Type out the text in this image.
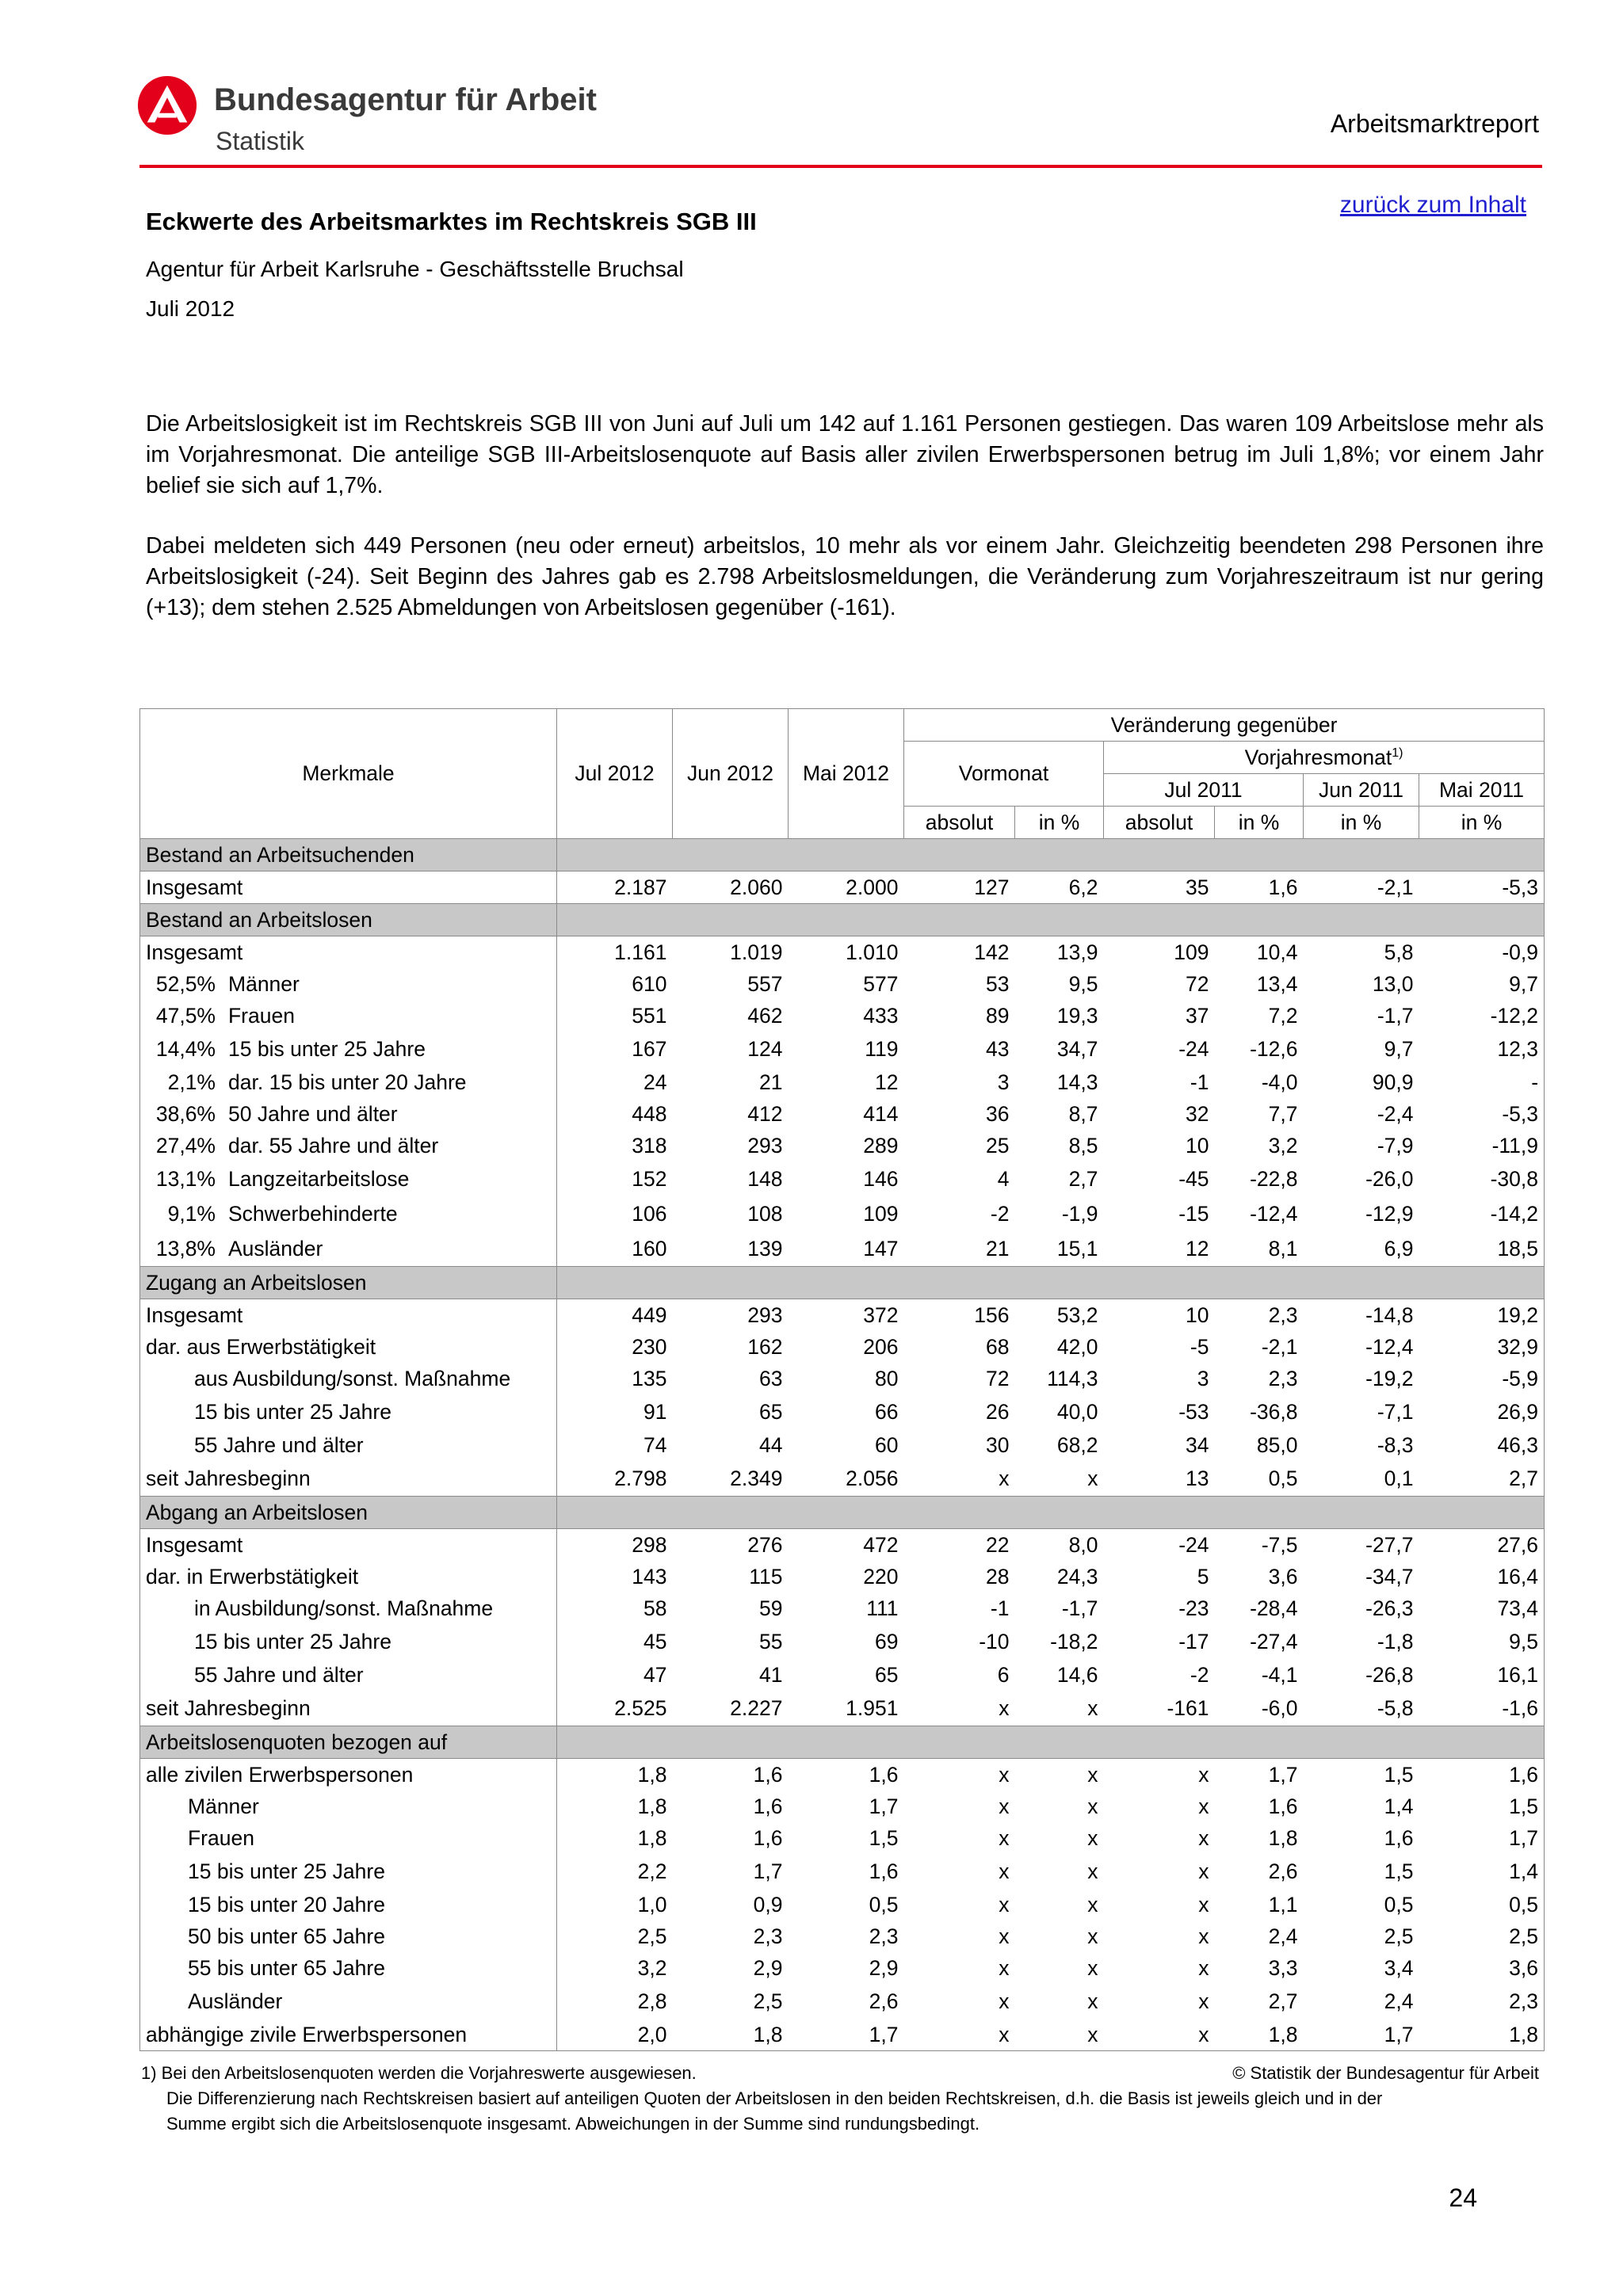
Bundesagentur für Arbeit
Statistik
Arbeitsmarktreport
zurück zum Inhalt
Eckwerte des Arbeitsmarktes im Rechtskreis SGB III
Agentur für Arbeit Karlsruhe - Geschäftsstelle Bruchsal
Juli 2012
Die Arbeitslosigkeit ist im Rechtskreis SGB III von Juni auf Juli um 142 auf 1.161 Personen gestiegen. Das waren 109 Arbeitslose mehr als im Vorjahresmonat. Die anteilige SGB III-Arbeitslosenquote auf Basis aller zivilen Erwerbspersonen betrug im Juli 1,8%; vor einem Jahr belief sie sich auf 1,7%.
Dabei meldeten sich 449 Personen (neu oder erneut) arbeitslos, 10 mehr als vor einem Jahr. Gleichzeitig beendeten 298 Personen ihre Arbeitslosigkeit (-24). Seit Beginn des Jahres gab es 2.798 Arbeitslosmeldungen, die Veränderung zum Vorjahreszeitraum ist nur gering (+13); dem stehen 2.525 Abmeldungen von Arbeitslosen gegenüber (-161).
Merkmale	Jul 2012	Jun 2012	Mai 2012	Veränderung gegenüber					
				Vormonat		Vorjahresmonat$^{1)}$
						Jul 2011		Jun 2011	Mai 2011
				absolut	in %	absolut	in %	in %	in %
Bestand an Arbeitsuchenden									
Insgesamt	2.187	2.060	2.000	127	6,2	35	1,6	-2,1	-5,3
Bestand an Arbeitslosen									
Insgesamt	1.161	1.019	1.010	142	13,9	109	10,4	5,8	-0,9
52,5% Männer	610	557	577	53	9,5	72	13,4	13,0	9,7
47,5% Frauen	551	462	433	89	19,3	37	7,2	-1,7	-12,2
14,4% 15 bis unter 25 Jahre	167	124	119	43	34,7	-24	-12,6	9,7	12,3
2,1% dar. 15 bis unter 20 Jahre	24	21	12	3	14,3	-1	-4,0	90,9	-
38,6% 50 Jahre und älter	448	412	414	36	8,7	32	7,7	-2,4	-5,3
27,4% dar. 55 Jahre und älter	318	293	289	25	8,5	10	3,2	-7,9	-11,9
13,1% Langzeitarbeitslose	152	148	146	4	2,7	-45	-22,8	-26,0	-30,8
9,1% Schwerbehinderte	106	108	109	-2	-1,9	-15	-12,4	-12,9	-14,2
13,8% Ausländer	160	139	147	21	15,1	12	8,1	6,9	18,5
Zugang an Arbeitslosen									
Insgesamt	449	293	372	156	53,2	10	2,3	-14,8	19,2
dar. aus Erwerbstätigkeit	230	162	206	68	42,0	-5	-2,1	-12,4	32,9
aus Ausbildung/sonst. Maßnahme	135	63	80	72	114,3	3	2,3	-19,2	-5,9
15 bis unter 25 Jahre	91	65	66	26	40,0	-53	-36,8	-7,1	26,9
55 Jahre und älter	74	44	60	30	68,2	34	85,0	-8,3	46,3
seit Jahresbeginn	2.798	2.349	2.056	x	x	13	0,5	0,1	2,7
Abgang an Arbeitslosen									
Insgesamt	298	276	472	22	8,0	-24	-7,5	-27,7	27,6
dar. in Erwerbstätigkeit	143	115	220	28	24,3	5	3,6	-34,7	16,4
in Ausbildung/sonst. Maßnahme	58	59	111	-1	-1,7	-23	-28,4	-26,3	73,4
15 bis unter 25 Jahre	45	55	69	-10	-18,2	-17	-27,4	-1,8	9,5
55 Jahre und älter	47	41	65	6	14,6	-2	-4,1	-26,8	16,1
seit Jahresbeginn	2.525	2.227	1.951	x	x	-161	-6,0	-5,8	-1,6
Arbeitslosenquoten bezogen auf									
alle zivilen Erwerbspersonen	1,8	1,6	1,6	x	x	x	1,7	1,5	1,6
Männer	1,8	1,6	1,7	x	x	x	1,6	1,4	1,5
Frauen	1,8	1,6	1,5	x	x	x	1,8	1,6	1,7
15 bis unter 25 Jahre	2,2	1,7	1,6	x	x	x	2,6	1,5	1,4
15 bis unter 20 Jahre	1,0	0,9	0,5	x	x	x	1,1	0,5	0,5
50 bis unter 65 Jahre	2,5	2,3	2,3	x	x	x	2,4	2,5	2,5
55 bis unter 65 Jahre	3,2	2,9	2,9	x	x	x	3,3	3,4	3,6
Ausländer	2,8	2,5	2,6	x	x	x	2,7	2,4	2,3
abhängige zivile Erwerbspersonen	2,0	1,8	1,7	x	x	x	1,8	1,7	1,8
1) Bei den Arbeitslosenquoten werden die Vorjahreswerte ausgewiesen.	© Statistik der Bundesagentur für Arbeit
Die Differenzierung nach Rechtskreisen basiert auf anteiligen Quoten der Arbeitslosen in den beiden Rechtskreisen, d.h. die Basis ist jeweils gleich und in der
Summe ergibt sich die Arbeitslosenquote insgesamt. Abweichungen in der Summe sind rundungsbedingt.
24
